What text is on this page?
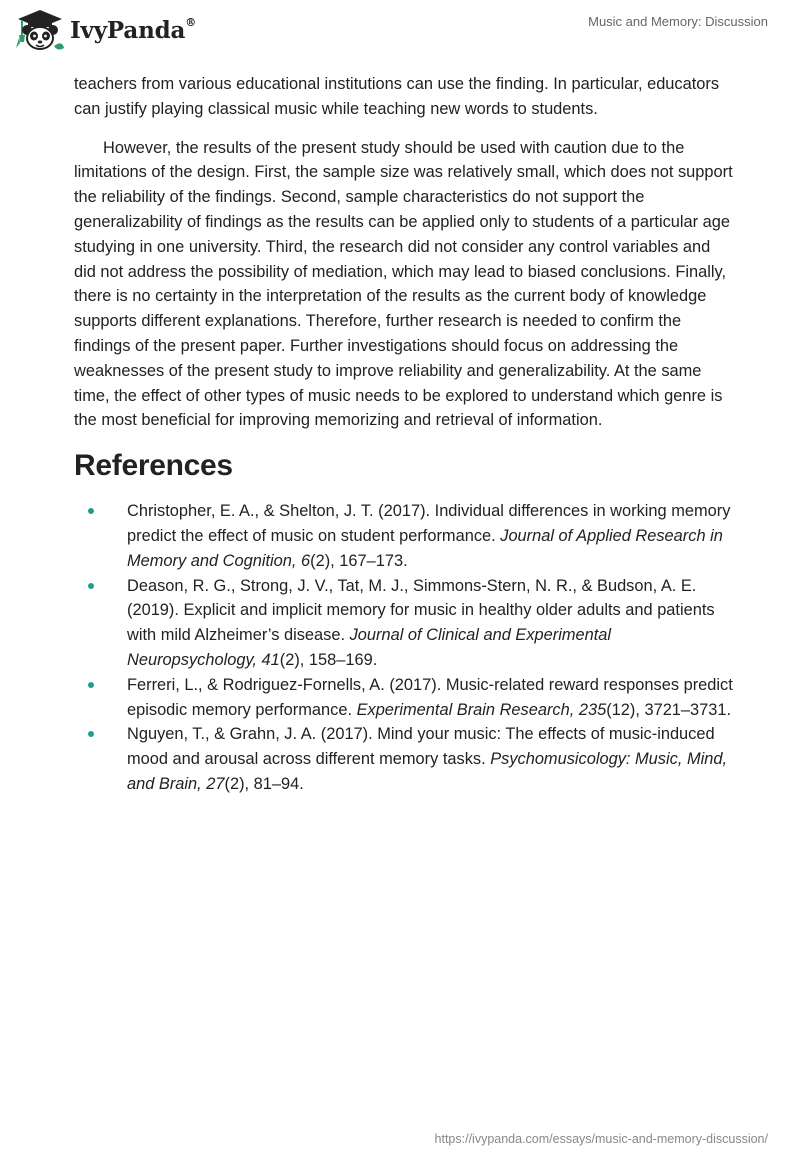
IvyPanda®	Music and Memory: Discussion

teachers from various educational institutions can use the finding. In particular, educators can justify playing classical music while teaching new words to students.

However, the results of the present study should be used with caution due to the limitations of the design. First, the sample size was relatively small, which does not support the reliability of the findings. Second, sample characteristics do not support the generalizability of findings as the results can be applied only to students of a particular age studying in one university. Third, the research did not consider any control variables and did not address the possibility of mediation, which may lead to biased conclusions. Finally, there is no certainty in the interpretation of the results as the current body of knowledge supports different explanations. Therefore, further research is needed to confirm the findings of the present paper. Further investigations should focus on addressing the weaknesses of the present study to improve reliability and generalizability. At the same time, the effect of other types of music needs to be explored to understand which genre is the most beneficial for improving memorizing and retrieval of information.

References
Christopher, E. A., & Shelton, J. T. (2017). Individual differences in working memory predict the effect of music on student performance. Journal of Applied Research in Memory and Cognition, 6(2), 167–173.
Deason, R. G., Strong, J. V., Tat, M. J., Simmons-Stern, N. R., & Budson, A. E. (2019). Explicit and implicit memory for music in healthy older adults and patients with mild Alzheimer’s disease. Journal of Clinical and Experimental Neuropsychology, 41(2), 158–169.
Ferreri, L., & Rodriguez-Fornells, A. (2017). Music-related reward responses predict episodic memory performance. Experimental Brain Research, 235(12), 3721–3731.
Nguyen, T., & Grahn, J. A. (2017). Mind your music: The effects of music-induced mood and arousal across different memory tasks. Psychomusicology: Music, Mind, and Brain, 27(2), 81–94.
https://ivypanda.com/essays/music-and-memory-discussion/
